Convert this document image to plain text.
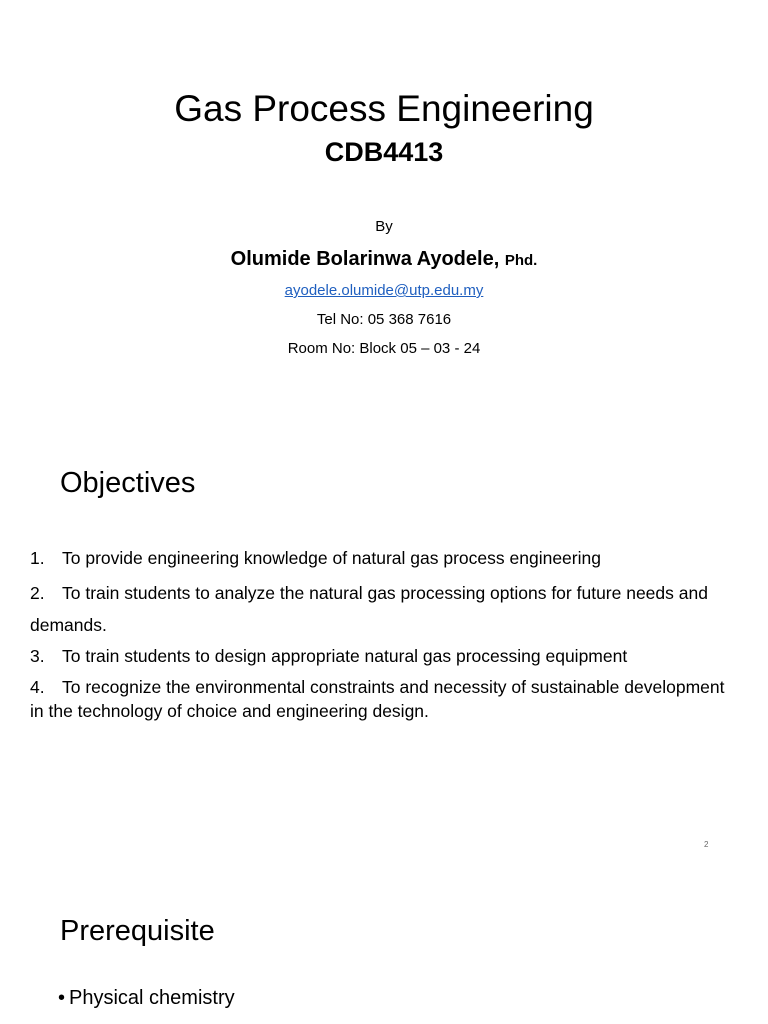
Gas Process Engineering
CDB4413

By

Olumide Bolarinwa Ayodele, Phd.

ayodele.olumide@utp.edu.my

Tel No: 05 368 7616

Room No: Block 05 – 03 - 24

Objectives
1. To provide engineering knowledge of natural gas process engineering
2. To train students to analyze the natural gas processing options for future needs and demands.
3. To train students to design appropriate natural gas processing equipment
4. To recognize the environmental constraints and necessity of sustainable development in the technology of choice and engineering design.
2
Prerequisite
• Physical chemistry
